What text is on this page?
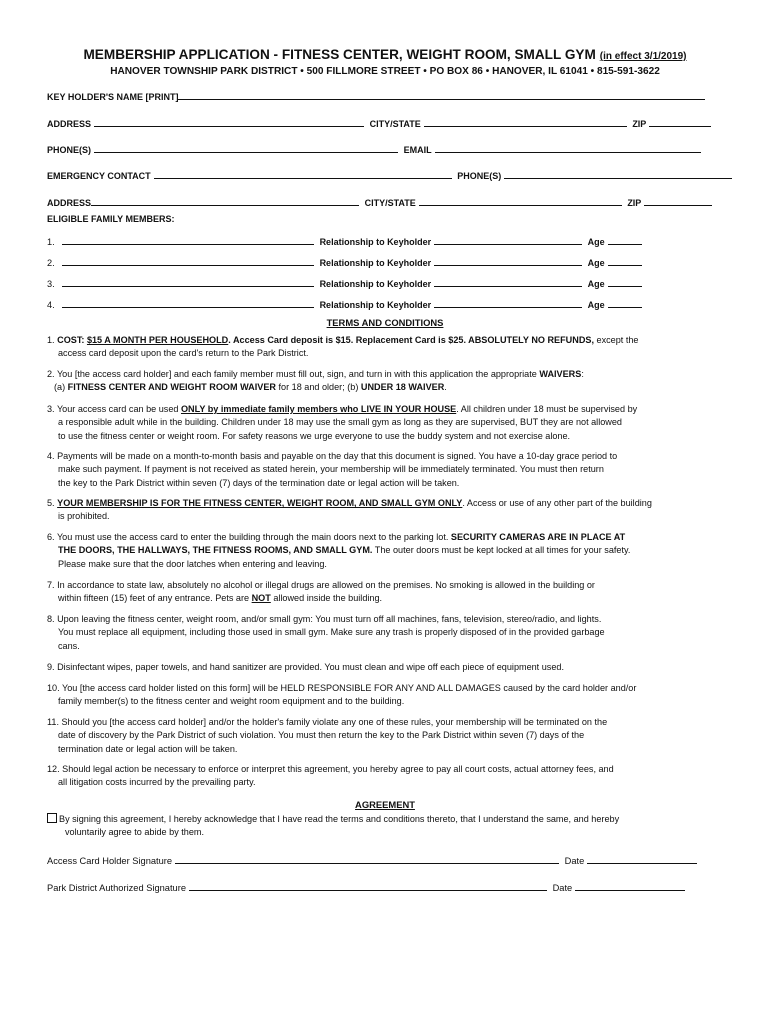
MEMBERSHIP APPLICATION - FITNESS CENTER, WEIGHT ROOM, SMALL GYM (in effect 3/1/2019)
HANOVER TOWNSHIP PARK DISTRICT • 500 FILLMORE STREET • PO BOX 86 • HANOVER, IL 61041 • 815-591-3622
KEY HOLDER'S NAME [PRINT]
ADDRESS	CITY/STATE	ZIP
PHONE(S)	EMAIL
EMERGENCY CONTACT	PHONE(S)
ADDRESS	CITY/STATE	ZIP
ELIGIBLE FAMILY MEMBERS:
1.	Relationship to Keyholder	Age
2.	Relationship to Keyholder	Age
3.	Relationship to Keyholder	Age
4.	Relationship to Keyholder	Age
TERMS AND CONDITIONS

1. COST: $15 A MONTH PER HOUSEHOLD. Access Card deposit is $15. Replacement Card is $25. ABSOLUTELY NO REFUNDS, except the

access card deposit upon the card's return to the Park District.

2. You [the access card holder] and each family member must fill out, sign, and turn in with this application the appropriate WAIVERS:

(a) FITNESS CENTER AND WEIGHT ROOM WAIVER for 18 and older; (b) UNDER 18 WAIVER.

3. Your access card can be used ONLY by immediate family members who LIVE IN YOUR HOUSE. All children under 18 must be supervised by

a responsible adult while in the building. Children under 18 may use the small gym as long as they are supervised, BUT they are not allowed

to use the fitness center or weight room. For safety reasons we urge everyone to use the buddy system and not exercise alone.

4. Payments will be made on a month-to-month basis and payable on the day that this document is signed. You have a 10-day grace period to

make such payment. If payment is not received as stated herein, your membership will be immediately terminated. You must then return

the key to the Park District within seven (7) days of the termination date or legal action will be taken.

5. YOUR MEMBERSHIP IS FOR THE FITNESS CENTER, WEIGHT ROOM, AND SMALL GYM ONLY. Access or use of any other part of the building

is prohibited.

6. You must use the access card to enter the building through the main doors next to the parking lot. SECURITY CAMERAS ARE IN PLACE AT

THE DOORS, THE HALLWAYS, THE FITNESS ROOMS, AND SMALL GYM. The outer doors must be kept locked at all times for your safety.

Please make sure that the door latches when entering and leaving.

7. In accordance to state law, absolutely no alcohol or illegal drugs are allowed on the premises. No smoking is allowed in the building or

within fifteen (15) feet of any entrance. Pets are NOT allowed inside the building.

8. Upon leaving the fitness center, weight room, and/or small gym: You must turn off all machines, fans, television, stereo/radio, and lights.

You must replace all equipment, including those used in small gym. Make sure any trash is properly disposed of in the provided garbage

cans.

9. Disinfectant wipes, paper towels, and hand sanitizer are provided. You must clean and wipe off each piece of equipment used.

10. You [the access card holder listed on this form] will be HELD RESPONSIBLE FOR ANY AND ALL DAMAGES caused by the card holder and/or

family member(s) to the fitness center and weight room equipment and to the building.

11. Should you [the access card holder] and/or the holder's family violate any one of these rules, your membership will be terminated on the

date of discovery by the Park District of such violation. You must then return the key to the Park District within seven (7) days of the

termination date or legal action will be taken.

12. Should legal action be necessary to enforce or interpret this agreement, you hereby agree to pay all court costs, actual attorney fees, and

all litigation costs incurred by the prevailing party.

AGREEMENT

By signing this agreement, I hereby acknowledge that I have read the terms and conditions thereto, that I understand the same, and hereby

voluntarily agree to abide by them.

Access Card Holder Signature	Date
Park District Authorized Signature	Date
